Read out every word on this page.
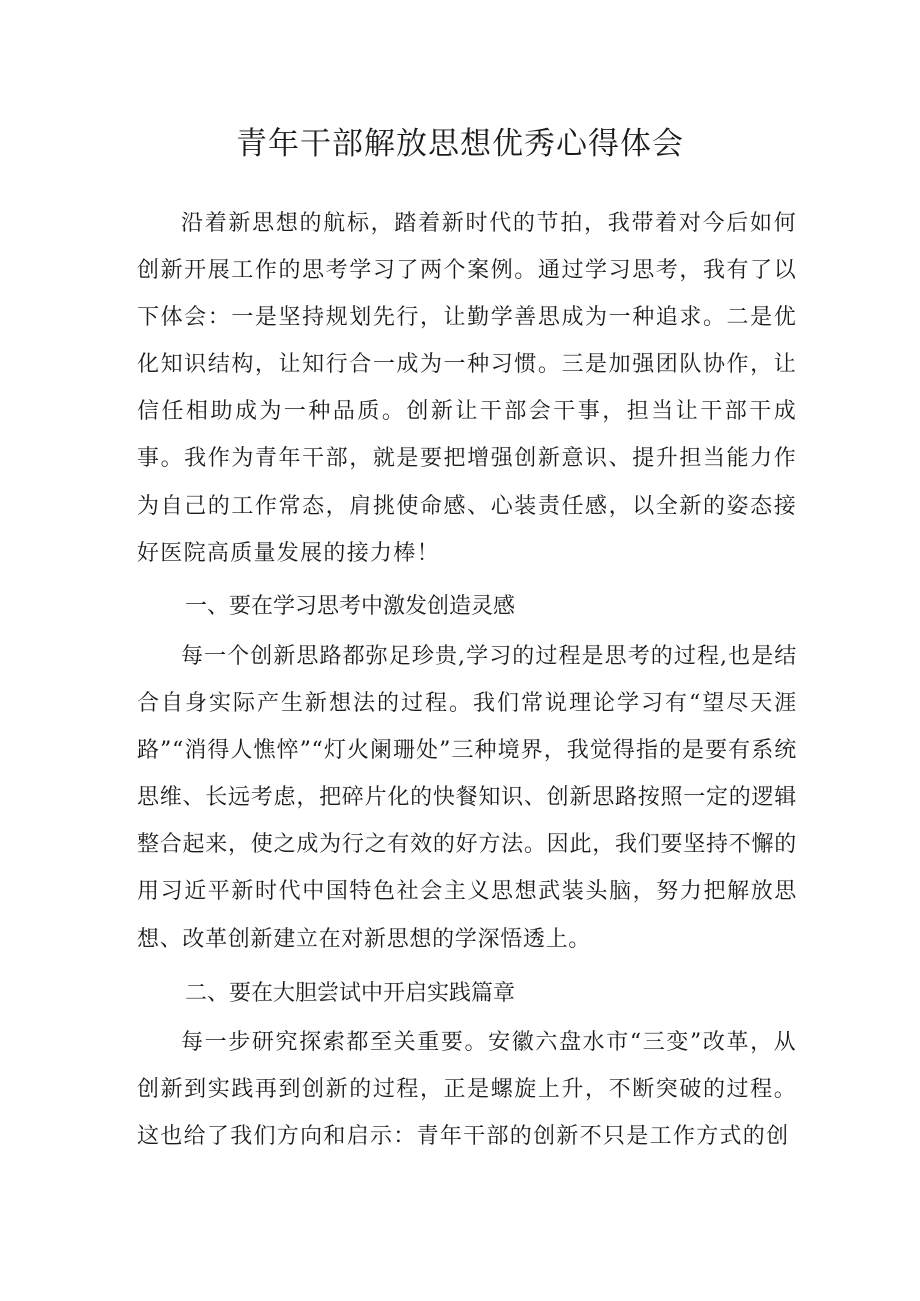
青年干部解放思想优秀心得体会

沿着新思想的航标，踏着新时代的节拍，我带着对今后如何创新开展工作的思考学习了两个案例。通过学习思考，我有了以下体会：一是坚持规划先行，让勤学善思成为一种追求。二是优化知识结构，让知行合一成为一种习惯。三是加强团队协作，让信任相助成为一种品质。创新让干部会干事，担当让干部干成事。我作为青年干部，就是要把增强创新意识、提升担当能力作为自己的工作常态，肩挑使命感、心装责任感，以全新的姿态接好医院高质量发展的接力棒！

一、要在学习思考中激发创造灵感

每一个创新思路都弥足珍贵,学习的过程是思考的过程,也是结合自身实际产生新想法的过程。我们常说理论学习有“望尽天涯路”“消得人憔悴”“灯火阑珊处”三种境界，我觉得指的是要有系统思维、长远考虑，把碎片化的快餐知识、创新思路按照一定的逻辑整合起来，使之成为行之有效的好方法。因此，我们要坚持不懈的用习近平新时代中国特色社会主义思想武装头脑，努力把解放思想、改革创新建立在对新思想的学深悟透上。

二、要在大胆尝试中开启实践篇章

每一步研究探索都至关重要。安徽六盘水市“三变”改革，从创新到实践再到创新的过程，正是螺旋上升，不断突破的过程。这也给了我们方向和启示：青年干部的创新不只是工作方式的创
